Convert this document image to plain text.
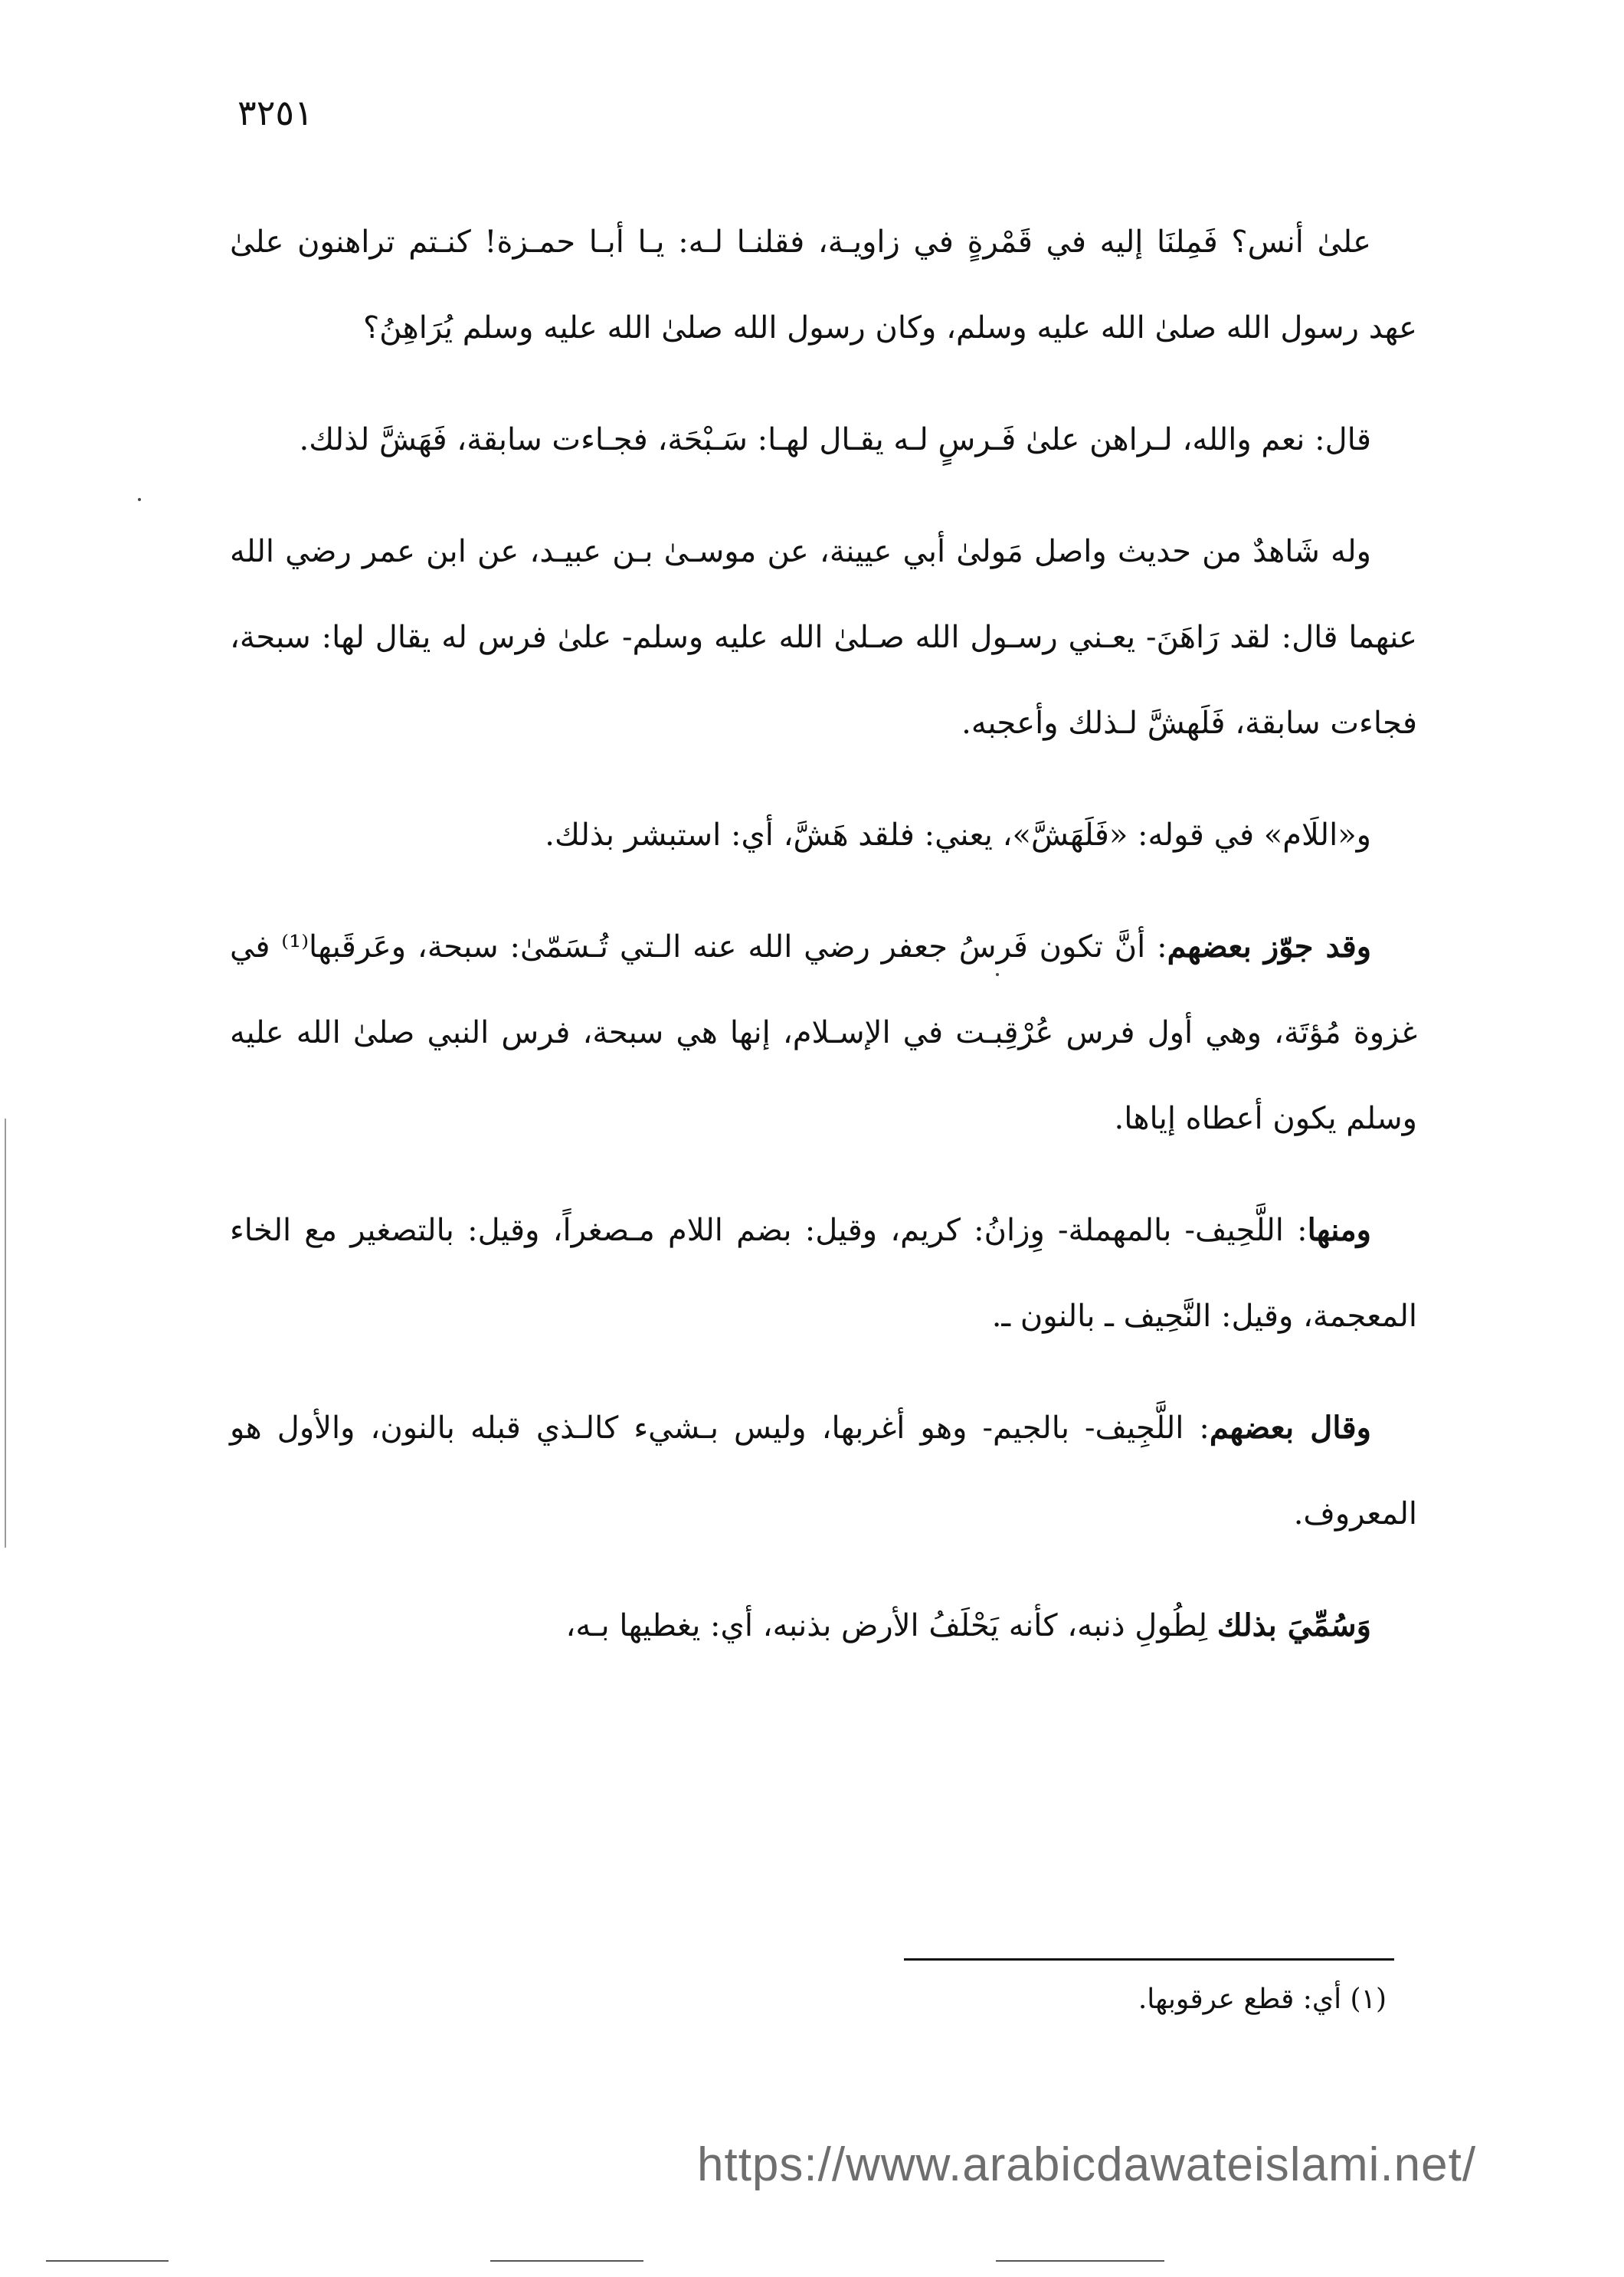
٣٢٥١

علىٰ أنس؟ فَمِلنَا إليه في قَمْرةٍ في زاويـة، فقلنـا لـه: يـا أبـا حمـزة! كنـتم تراهنون علىٰ عهد رسول الله صلىٰ الله عليه وسلم، وكان رسول الله صلىٰ الله عليه وسلم يُرَاهِنُ؟

قال: نعم والله، لـراهن علىٰ فَـرسٍ لـه يقـال لهـا: سَـبْحَة، فجـاءت سابقة، فَهَشَّ لذلك.

وله شَاهدٌ من حديث واصل مَولىٰ أبي عيينة، عن موسـىٰ بـن عبيـد، عن ابن عمر رضي الله عنهما قال: لقد رَاهَنَ- يعـني رسـول الله صـلىٰ الله عليه وسلم- علىٰ فرس له يقال لها: سبحة، فجاءت سابقة، فَلَهشَّ لـذلك وأعجبه.

و«اللَام» في قوله: «فَلَهَشَّ»، يعني: فلقد هَشَّ، أي: استبشر بذلك.

وقد جوّز بعضهم: أنَّ تكون فَرسُ جعفر رضي الله عنه الـتي تُـسَمّىٰ: سبحة، وعَرقَبها⁽¹⁾ في غزوة مُؤتَة، وهي أول فرس عُرْقِبـت في الإسـلام، إنها هي سبحة، فرس النبي صلىٰ الله عليه وسلم يكون أعطاه إياها.

ومنها: اللَّحِيف- بالمهملة- وِزانُ: كريم، وقيل: بضم اللام مـصغراً، وقيل: بالتصغير مع الخاء المعجمة، وقيل: النَّحِيف ـ بالنون ـ.

وقال بعضهم: اللَّجِيف- بالجيم- وهو أغربها، وليس بـشيء كالـذي قبله بالنون، والأول هو المعروف.

وَسُمِّيَ بذلك لِطُولِ ذنبه، كأنه يَحْلَفُ الأرض بذنبه، أي: يغطيها بـه،

(١) أي: قطع عرقوبها.
https://www.arabicdawateislami.net/
